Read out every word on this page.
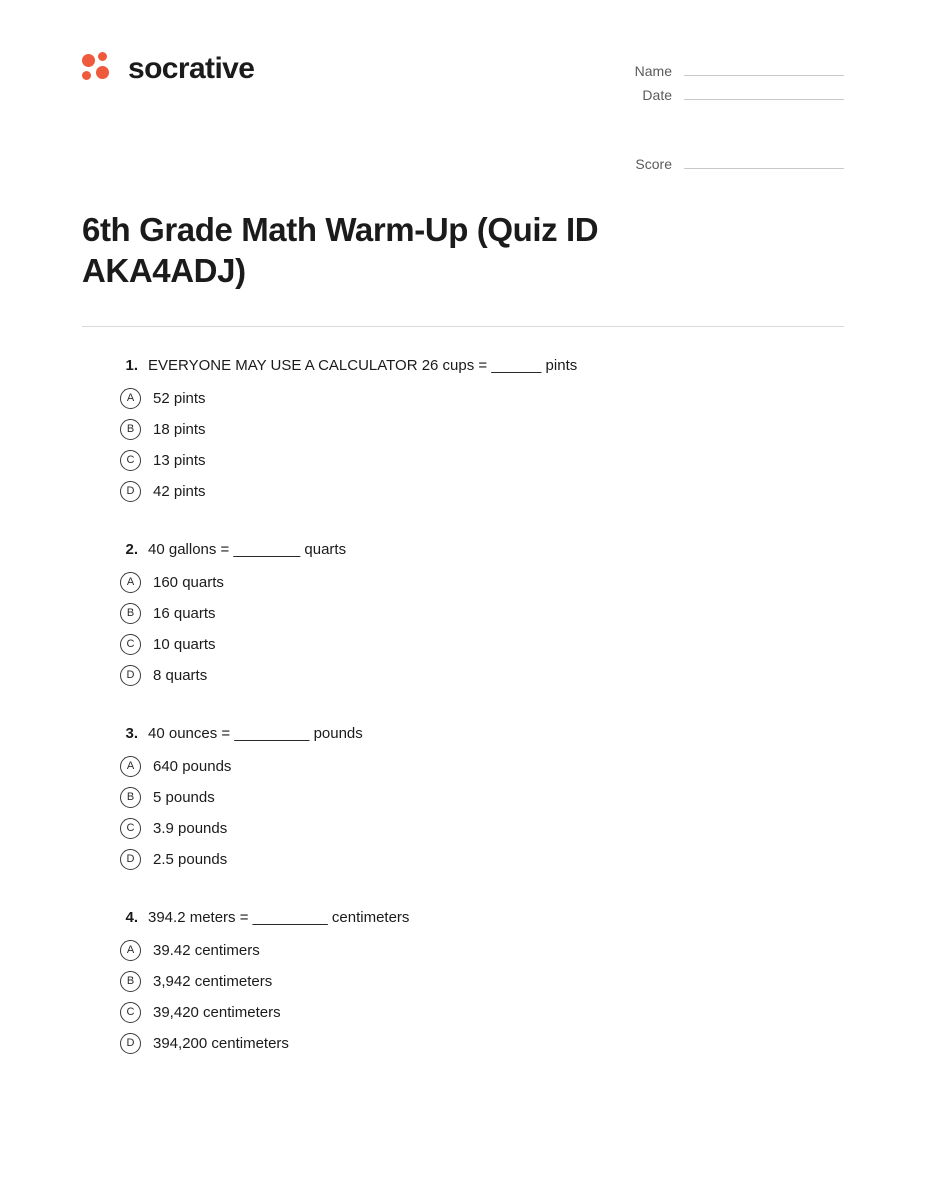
socrative	Name
Date
Score
6th Grade Math Warm-Up (Quiz ID AKA4ADJ)
1. EVERYONE MAY USE A CALCULATOR 26 cups = ______ pints
A	52 pints
B	18 pints
C	13 pints
D	42 pints
2. 40 gallons = ________ quarts
A	160 quarts
B	16 quarts
C	10 quarts
D	8 quarts
3. 40 ounces = _________ pounds
A	640 pounds
B	5 pounds
C	3.9 pounds
D	2.5 pounds
4. 394.2 meters = _________ centimeters
A	39.42 centimers
B	3,942 centimeters
C	39,420 centimeters
D	394,200 centimeters
